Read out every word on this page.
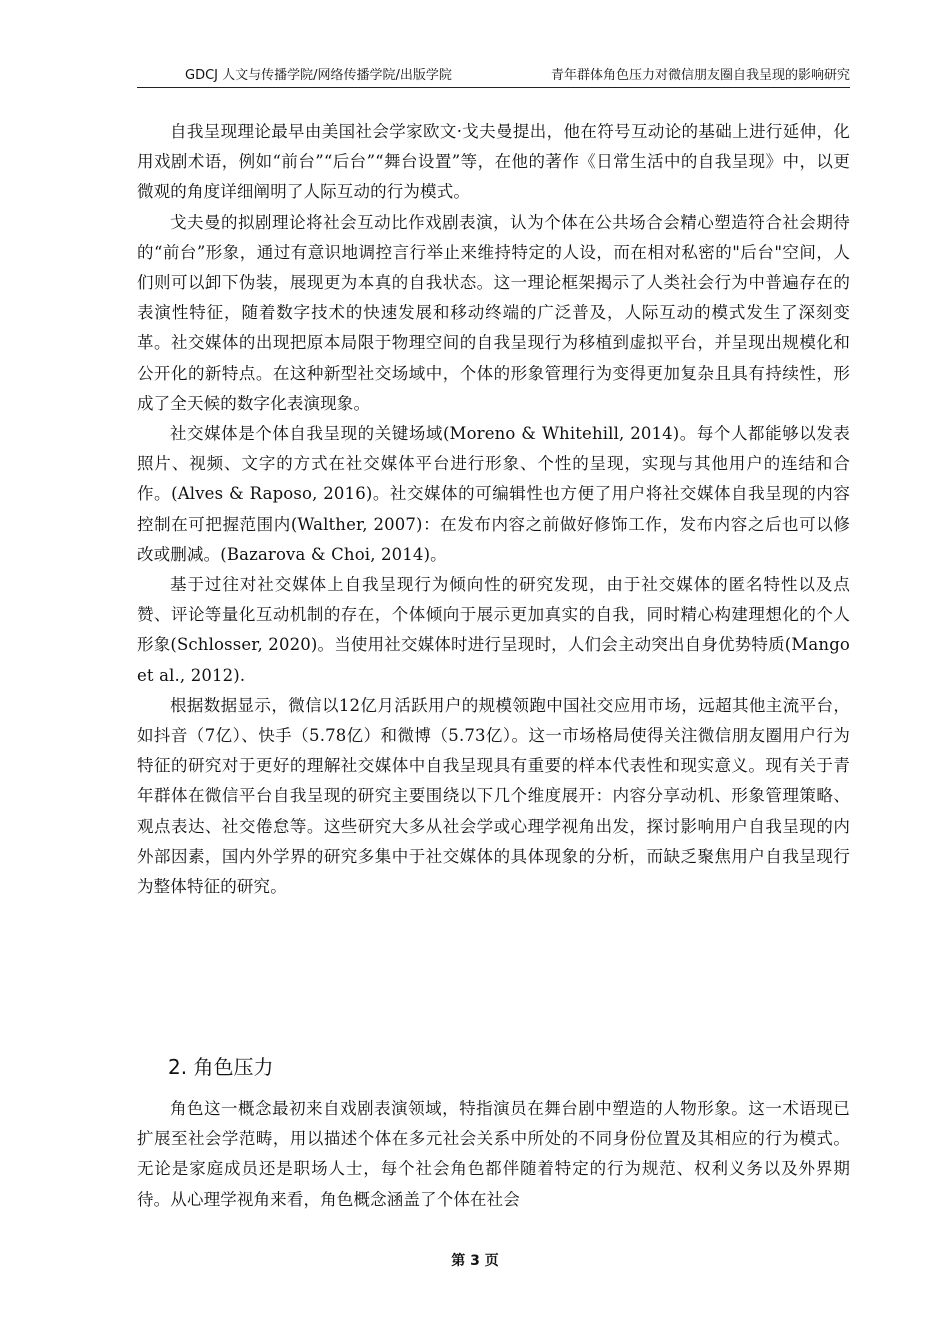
GDCJ 人文与传播学院/网络传播学院/出版学院	青年群体角色压力对微信朋友圈自我呈现的影响研究

自我呈现理论最早由美国社会学家欧文·戈夫曼提出，他在符号互动论的基础上进行延伸，化用戏剧术语，例如“前台”“后台”“舞台设置”等，在他的著作《日常生活中的自我呈现》中，以更微观的角度详细阐明了人际互动的行为模式。

戈夫曼的拟剧理论将社会互动比作戏剧表演，认为个体在公共场合会精心塑造符合社会期待的“前台”形象，通过有意识地调控言行举止来维持特定的人设，而在相对私密的"后台"空间，人们则可以卸下伪装，展现更为本真的自我状态。这一理论框架揭示了人类社会行为中普遍存在的表演性特征，随着数字技术的快速发展和移动终端的广泛普及，人际互动的模式发生了深刻变革。社交媒体的出现把原本局限于物理空间的自我呈现行为移植到虚拟平台，并呈现出规模化和公开化的新特点。在这种新型社交场域中，个体的形象管理行为变得更加复杂且具有持续性，形成了全天候的数字化表演现象。

社交媒体是个体自我呈现的关键场域(Moreno & Whitehill, 2014)。每个人都能够以发表照片、视频、文字的方式在社交媒体平台进行形象、个性的呈现，实现与其他用户的连结和合作。(Alves & Raposo, 2016)。社交媒体的可编辑性也方便了用户将社交媒体自我呈现的内容控制在可把握范围内(Walther, 2007)：在发布内容之前做好修饰工作，发布内容之后也可以修改或删减。(Bazarova & Choi, 2014)。

基于过往对社交媒体上自我呈现行为倾向性的研究发现，由于社交媒体的匿名特性以及点赞、评论等量化互动机制的存在，个体倾向于展示更加真实的自我，同时精心构建理想化的个人形象(Schlosser, 2020)。当使用社交媒体时进行呈现时，人们会主动突出自身优势特质(Mango et al., 2012).

根据数据显示，微信以12亿月活跃用户的规模领跑中国社交应用市场，远超其他主流平台，如抖音（7亿）、快手（5.78亿）和微博（5.73亿）。这一市场格局使得关注微信朋友圈用户行为特征的研究对于更好的理解社交媒体中自我呈现具有重要的样本代表性和现实意义。现有关于青年群体在微信平台自我呈现的研究主要围绕以下几个维度展开：内容分享动机、形象管理策略、观点表达、社交倦怠等。这些研究大多从社会学或心理学视角出发，探讨影响用户自我呈现的内外部因素，国内外学界的研究多集中于社交媒体的具体现象的分析，而缺乏聚焦用户自我呈现行为整体特征的研究。

2. 角色压力

角色这一概念最初来自戏剧表演领域，特指演员在舞台剧中塑造的人物形象。这一术语现已扩展至社会学范畴，用以描述个体在多元社会关系中所处的不同身份位置及其相应的行为模式。无论是家庭成员还是职场人士，每个社会角色都伴随着特定的行为规范、权利义务以及外界期待。从心理学视角来看，角色概念涵盖了个体在社会

第 3 页
